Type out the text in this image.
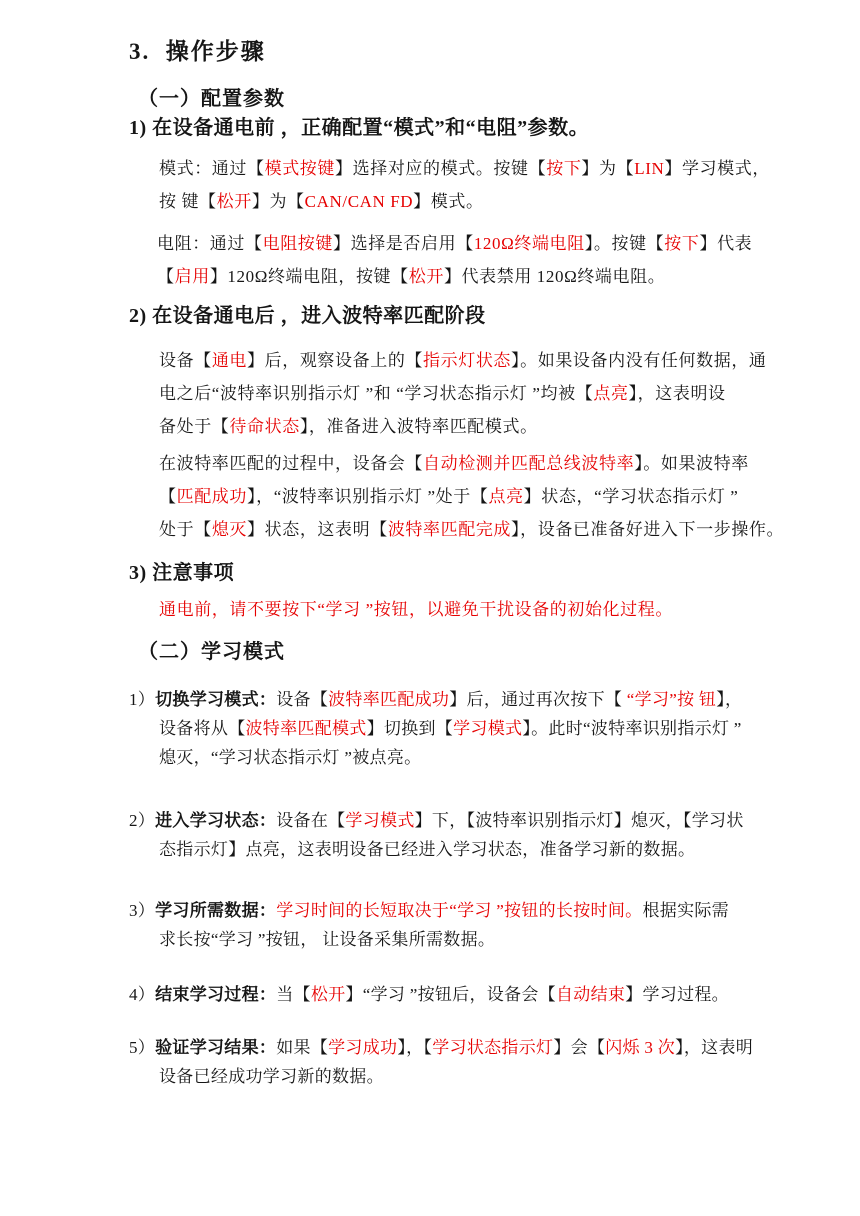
3.  操作步骤
（一）配置参数
1) 在设备通电前 ，正确配置“模式”和“电阻”参数。
模式：通过【模式按键】选择对应的模式。按键【按下】为【LIN】学习模式，
按 键【松开】为【CAN/CAN FD】模式。
电阻：通过【电阻按键】选择是否启用【120Ω终端电阻】。按键【按下】代表
【启用】120Ω终端电阻，按键【松开】代表禁用 120Ω终端电阻。
2) 在设备通电后 ，进入波特率匹配阶段
设备【通电】后，观察设备上的【指示灯状态】。如果设备内没有任何数据，通
电之后“波特率识别指示灯 ”和 “学习状态指示灯 ”均被【点亮】，这表明设
备处于【待命状态】，准备进入波特率匹配模式。
在波特率匹配的过程中，设备会【自动检测并匹配总线波特率】。如果波特率
【匹配成功】，“波特率识别指示灯 ”处于【点亮】状态，“学习状态指示灯 ”
处于【熄灭】状态，这表明【波特率匹配完成】，设备已准备好进入下一步操作。
3) 注意事项
通电前，请不要按下“学习 ”按钮，以避免干扰设备的初始化过程。
（二）学习模式
1）切换学习模式：设备【波特率匹配成功】后，通过再次按下【 “学习”按 钮】，
设备将从【波特率匹配模式】切换到【学习模式】。此时“波特率识别指示灯 ”
熄灭，“学习状态指示灯 ”被点亮。
2）进入学习状态：设备在【学习模式】下，【波特率识别指示灯】熄灭，【学习状
态指示灯】点亮，这表明设备已经进入学习状态，准备学习新的数据。
3）学习所需数据：学习时间的长短取决于“学习 ”按钮的长按时间。根据实际需
求长按“学习 ”按钮， 让设备采集所需数据。
4）结束学习过程：当【松开】“学习 ”按钮后，设备会【自动结束】学习过程。
5）验证学习结果：如果【学习成功】，【学习状态指示灯】会【闪烁 3 次】，这表明
设备已经成功学习新的数据。
